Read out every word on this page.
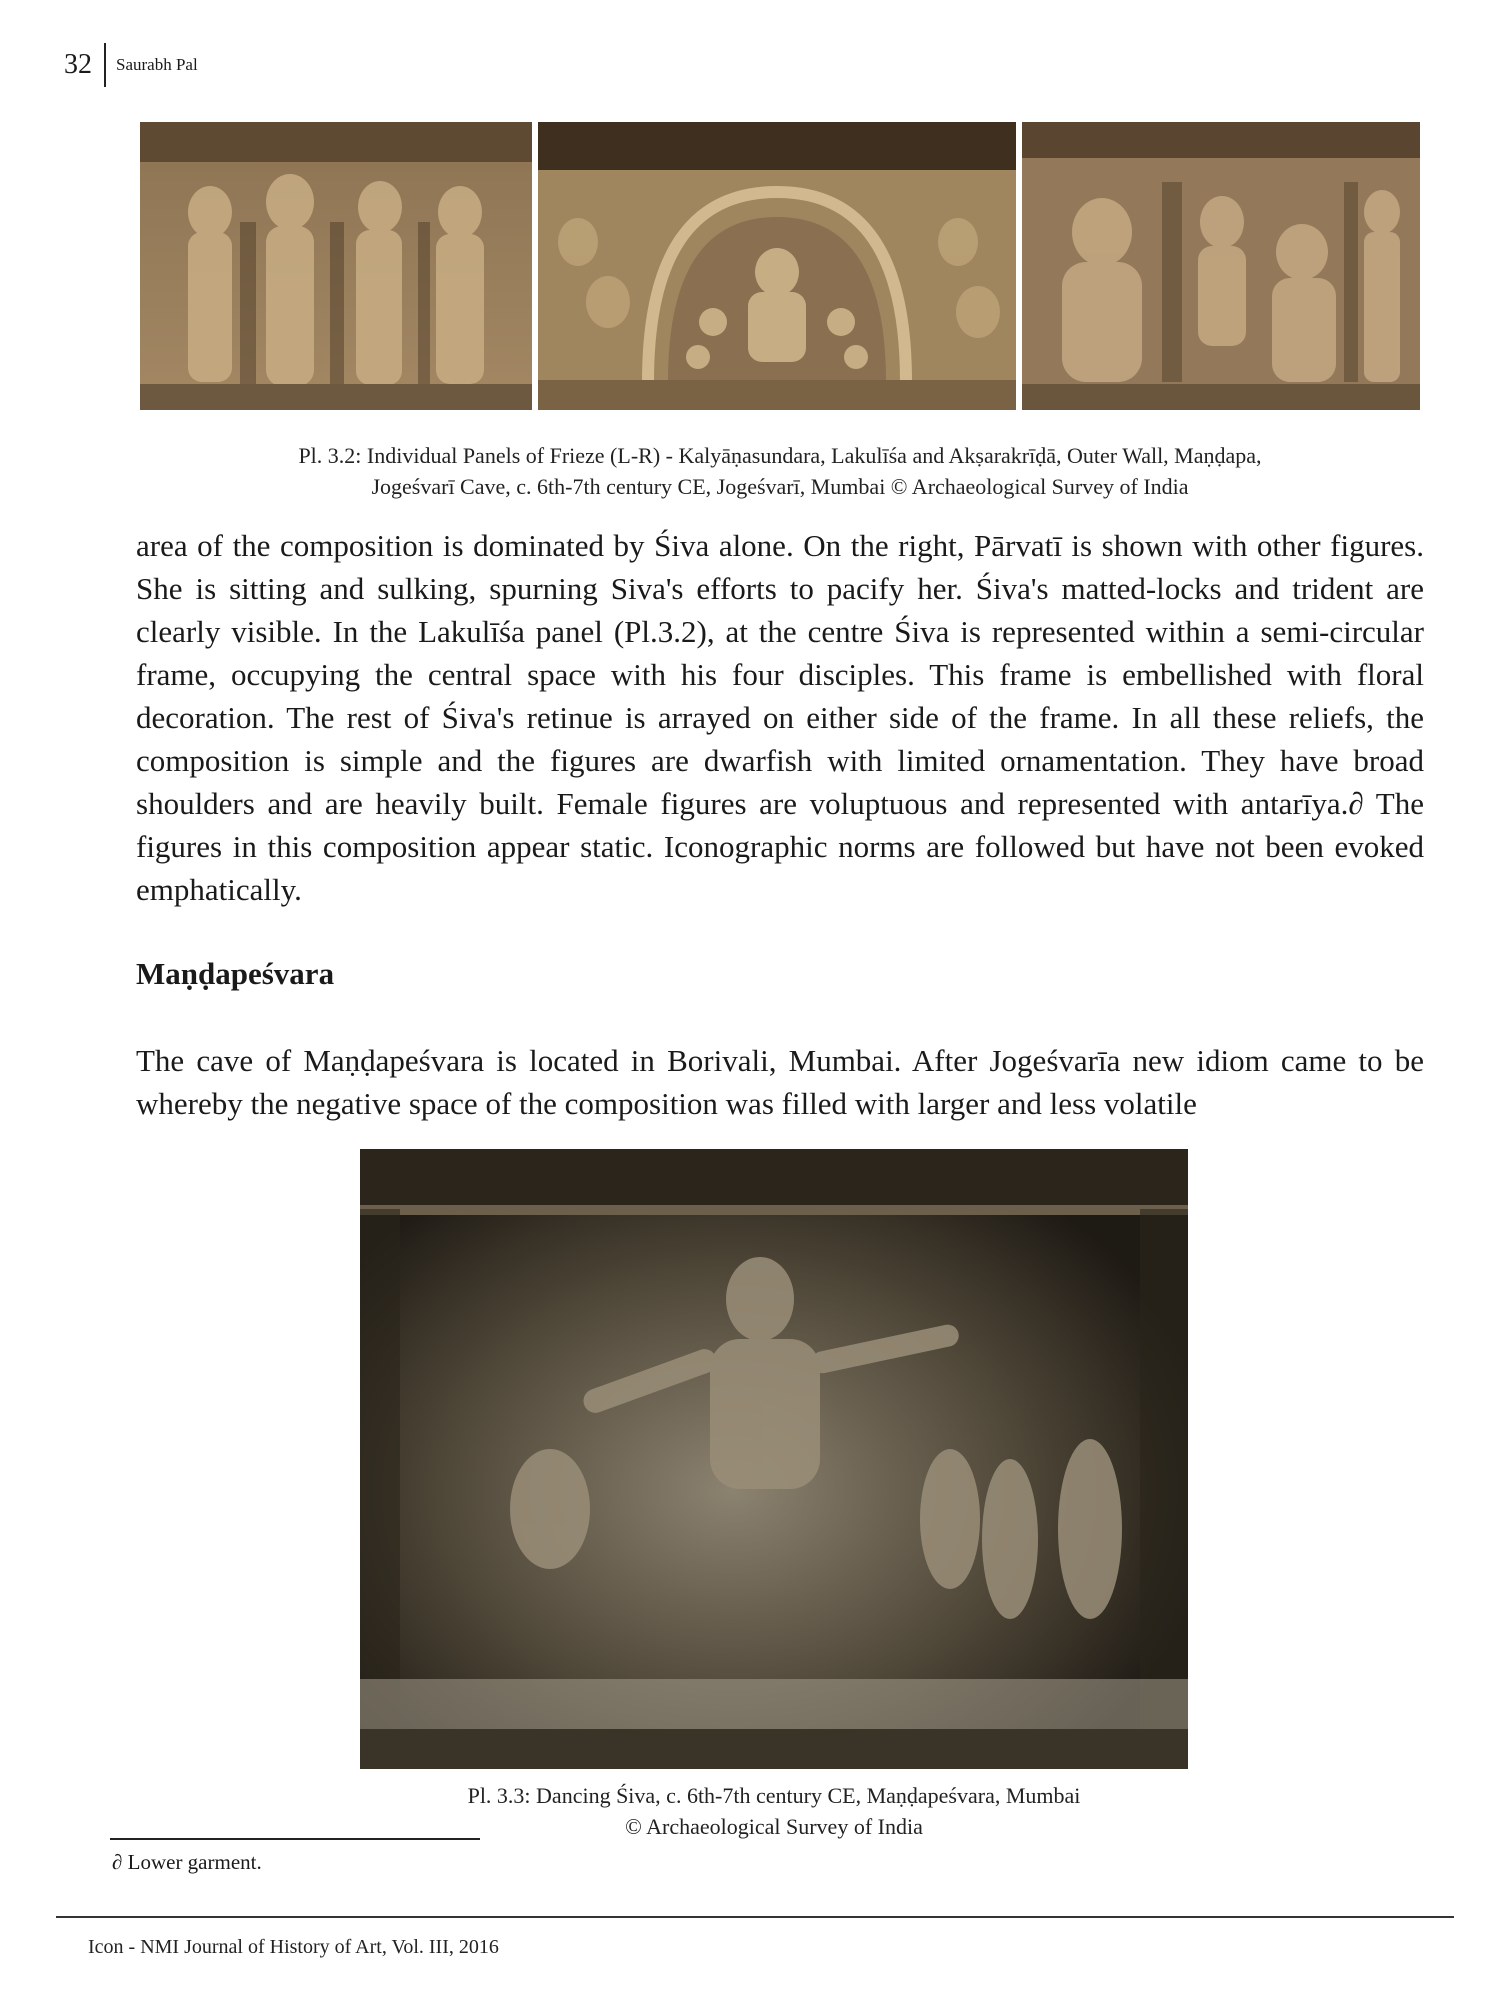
32	Saurabh Pal
Pl. 3.2: Individual Panels of Frieze (L-R) - Kalyāṇasundara, Lakulīśa and Akṣarakrīḍā, Outer Wall, Maṇḍapa,
Jogeśvarī Cave, c. 6th-7th century CE, Jogeśvarī, Mumbai © Archaeological Survey of India
area of the composition is dominated by Śiva alone. On the right, Pārvatī is shown with other figures. She is sitting and sulking, spurning Siva's efforts to pacify her. Śiva's matted-locks and trident are clearly visible. In the Lakulīśa panel (Pl.3.2), at the centre Śiva is represented within a semi-circular frame, occupying the central space with his four disciples. This frame is embellished with floral decoration. The rest of Śiva's retinue is arrayed on either side of the frame. In all these reliefs, the composition is simple and the figures are dwarfish with limited ornamentation. They have broad shoulders and are heavily built. Female figures are voluptuous and represented with antarīya.∂ The figures in this composition appear static. Iconographic norms are followed but have not been evoked emphatically.
Maṇḍapeśvara
The cave of Maṇḍapeśvara is located in Borivali, Mumbai. After Jogeśvarīa new idiom came to be whereby the negative space of the composition was filled with larger and less volatile
Pl. 3.3: Dancing Śiva, c. 6th-7th century CE, Maṇḍapeśvara, Mumbai
© Archaeological Survey of India
∂ Lower garment.
Icon - NMI Journal of History of Art, Vol. III, 2016
